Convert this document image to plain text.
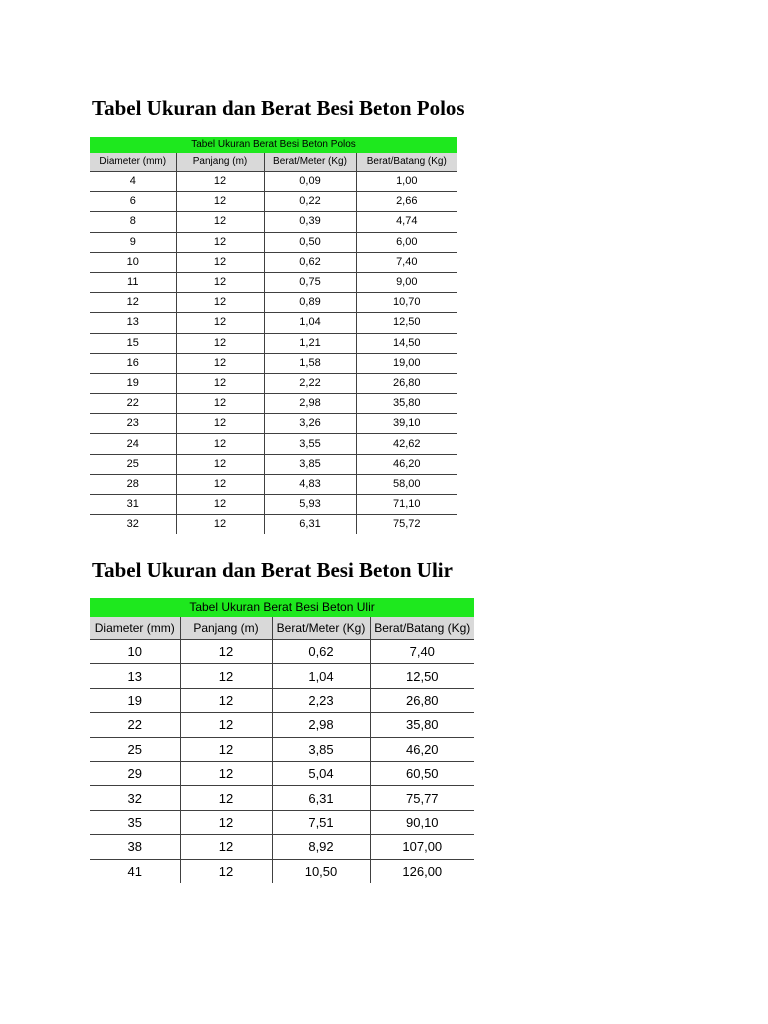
Tabel Ukuran dan Berat Besi Beton Polos
Tabel Ukuran Berat Besi Beton Polos			
Diameter (mm)	Panjang (m)	Berat/Meter (Kg)	Berat/Batang (Kg)
4	12	0,09	1,00
6	12	0,22	2,66
8	12	0,39	4,74
9	12	0,50	6,00
10	12	0,62	7,40
11	12	0,75	9,00
12	12	0,89	10,70
13	12	1,04	12,50
15	12	1,21	14,50
16	12	1,58	19,00
19	12	2,22	26,80
22	12	2,98	35,80
23	12	3,26	39,10
24	12	3,55	42,62
25	12	3,85	46,20
28	12	4,83	58,00
31	12	5,93	71,10
32	12	6,31	75,72
Tabel Ukuran dan Berat Besi Beton Ulir
Tabel Ukuran Berat Besi Beton Ulir			
Diameter (mm)	Panjang (m)	Berat/Meter (Kg)	Berat/Batang (Kg)
10	12	0,62	7,40
13	12	1,04	12,50
19	12	2,23	26,80
22	12	2,98	35,80
25	12	3,85	46,20
29	12	5,04	60,50
32	12	6,31	75,77
35	12	7,51	90,10
38	12	8,92	107,00
41	12	10,50	126,00
